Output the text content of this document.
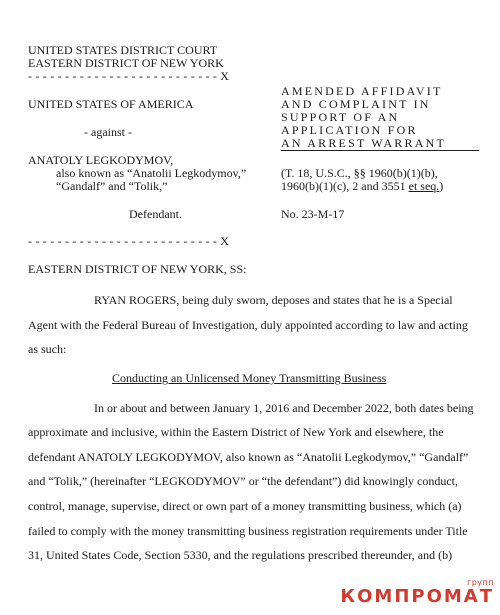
UNITED STATES DISTRICT COURT
EASTERN DISTRICT OF NEW YORK
- - - - - - - - - - - - - - - - - - - - - - - - - - X
UNITED STATES OF AMERICA
- against -
ANATOLY LEGKODYMOV,
also known as “Anatolii Legkodymov,”
“Gandalf” and “Tolik,”
Defendant.
- - - - - - - - - - - - - - - - - - - - - - - - - - X
AMENDED AFFIDAVIT
AND COMPLAINT IN
SUPPORT OF AN
APPLICATION FOR
AN ARREST WARRANT
(T. 18, U.S.C., §§ 1960(b)(1)(b),
1960(b)(1)(c), 2 and 3551 et seq.)
No. 23-M-17
EASTERN DISTRICT OF NEW YORK, SS:
RYAN ROGERS, being duly sworn, deposes and states that he is a Special
Agent with the Federal Bureau of Investigation, duly appointed according to law and acting
as such:
Conducting an Unlicensed Money Transmitting Business
In or about and between January 1, 2016 and December 2022, both dates being
approximate and inclusive, within the Eastern District of New York and elsewhere, the
defendant ANATOLY LEGKODYMOV, also known as “Anatolii Legkodymov,” “Gandalf”
and “Tolik,” (hereinafter “LEGKODYMOV” or “the defendant”) did knowingly conduct,
control, manage, supervise, direct or own part of a money transmitting business, which (a)
failed to comply with the money transmitting business registration requirements under Title
31, United States Code, Section 5330, and the regulations prescribed thereunder, and (b)
групп
КОМПРОМАТ
